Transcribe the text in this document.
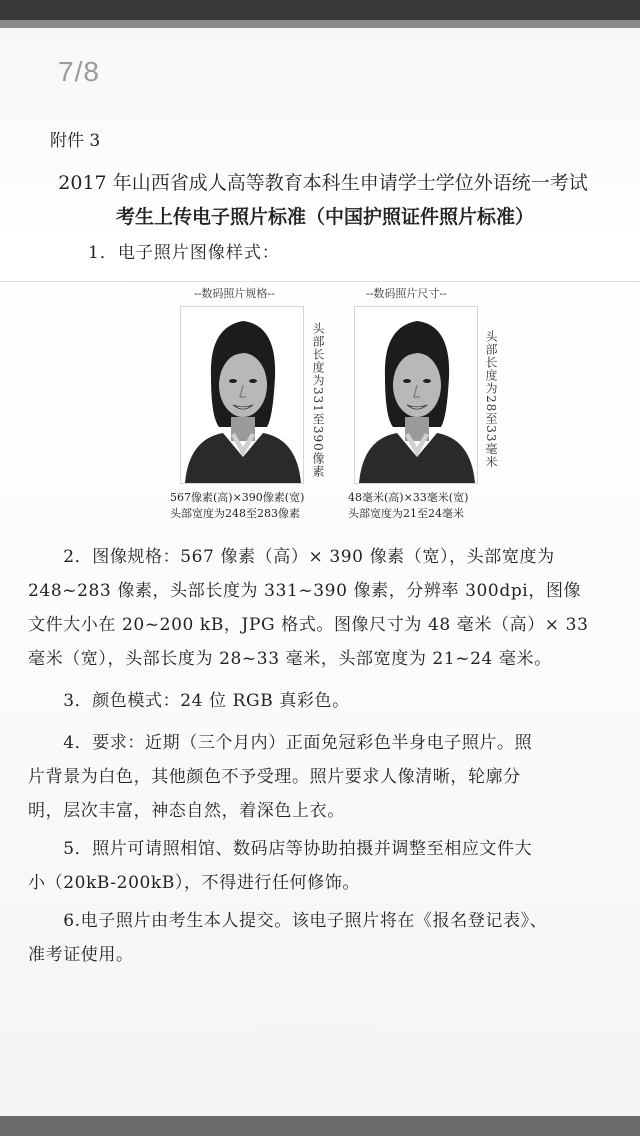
7/8
附件 3
2017 年山西省成人高等教育本科生申请学士学位外语统一考试
考生上传电子照片标准（中国护照证件照片标准）
1．电子照片图像样式：
--数码照片规格--
头部长度为331至390像素
567像素(高)×390像素(宽)
头部宽度为248至283像素
--数码照片尺寸--
头部长度为28至33毫米
48毫米(高)×33毫米(宽)
头部宽度为21至24毫米

　　2．图像规格：567 像素（高）× 390 像素（宽），头部宽度为

248~283 像素，头部长度为 331~390 像素，分辨率 300dpi，图像

文件大小在 20~200 kB，JPG 格式。图像尺寸为 48 毫米（高）× 33

毫米（宽），头部长度为 28~33 毫米，头部宽度为 21~24 毫米。

　　3．颜色模式：24 位 RGB 真彩色。

　　4．要求：近期（三个月内）正面免冠彩色半身电子照片。照

片背景为白色，其他颜色不予受理。照片要求人像清晰，轮廓分

明，层次丰富，神态自然，着深色上衣。

　　5．照片可请照相馆、数码店等协助拍摄并调整至相应文件大

小（20kB-200kB），不得进行任何修饰。

　　6.电子照片由考生本人提交。该电子照片将在《报名登记表》、

准考证使用。
